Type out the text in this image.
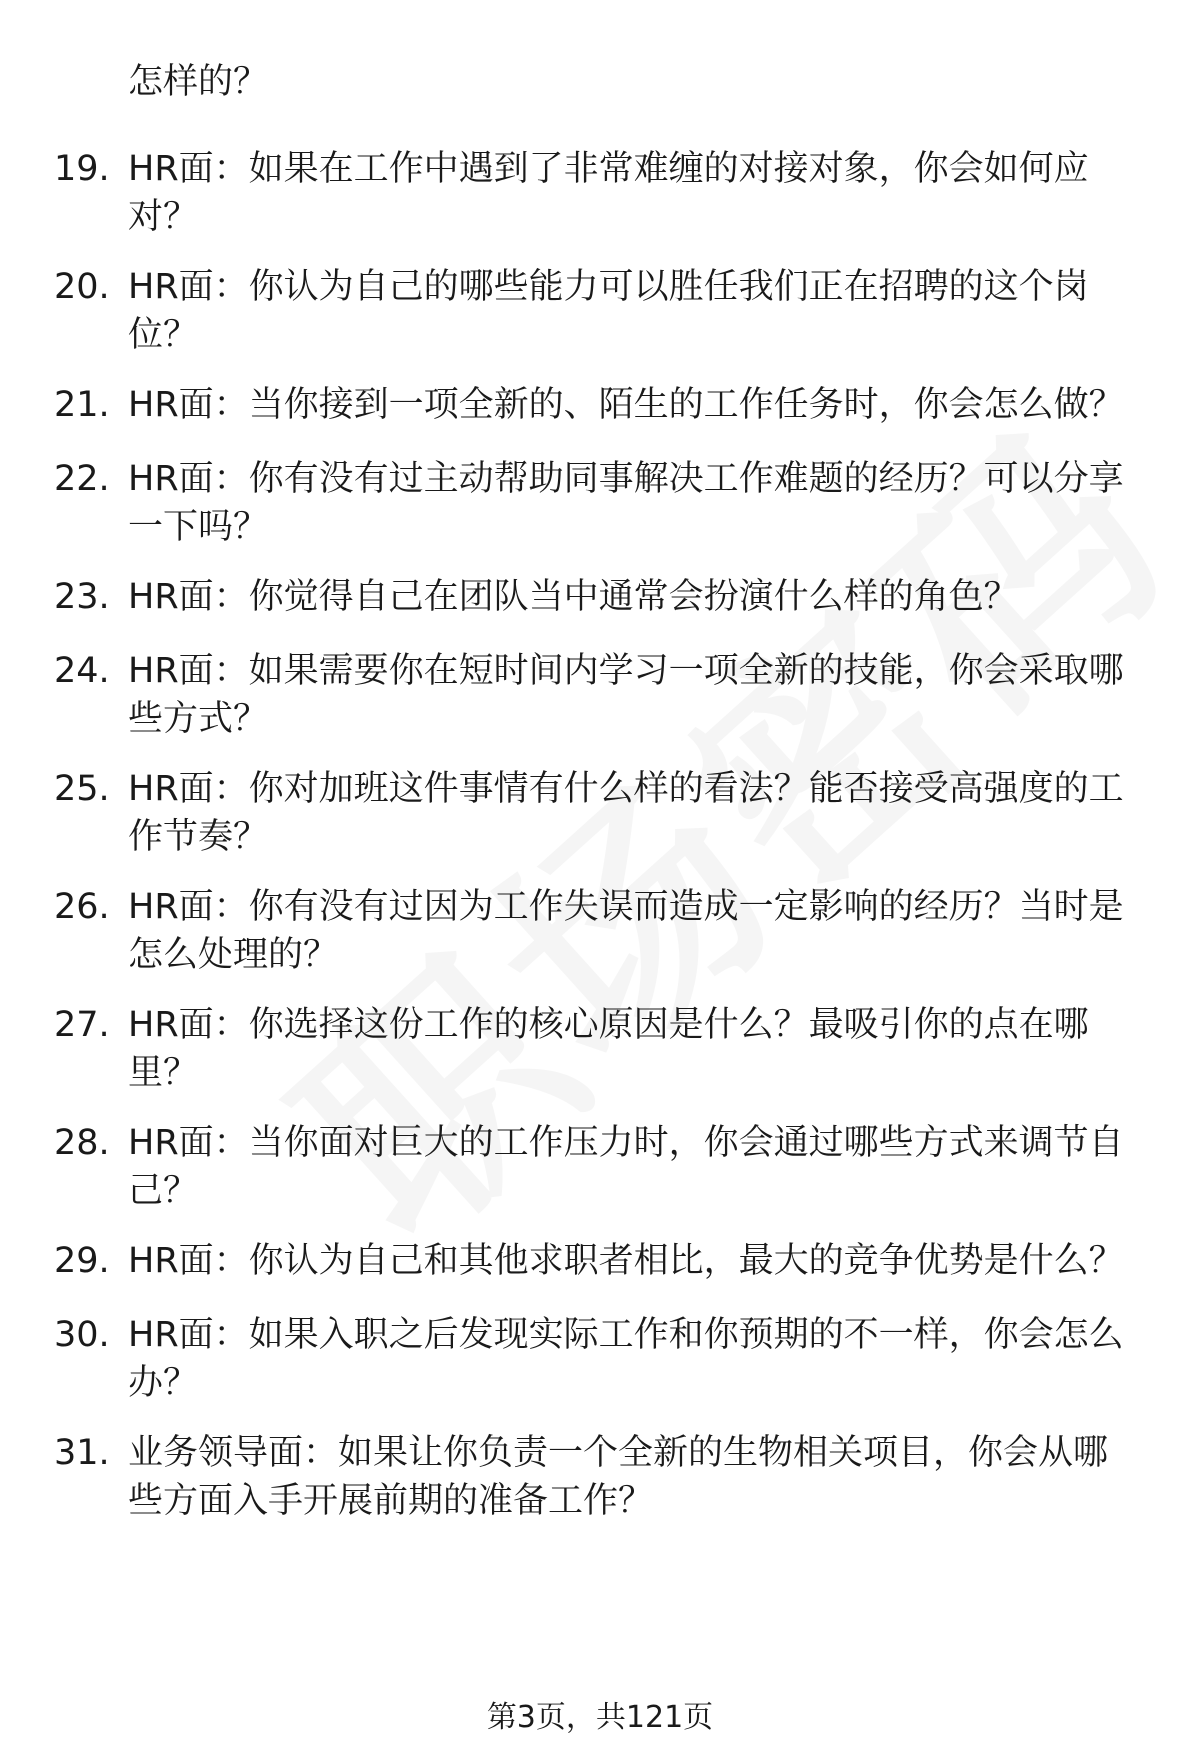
怎样的？
19. HR面：如果在工作中遇到了非常难缠的对接对象，你会如何应
对？
20. HR面：你认为自己的哪些能力可以胜任我们正在招聘的这个岗
位？
21. HR面：当你接到一项全新的、陌生的工作任务时，你会怎么做？
22. HR面：你有没有过主动帮助同事解决工作难题的经历？可以分享
一下吗？
23. HR面：你觉得自己在团队当中通常会扮演什么样的角色？
24. HR面：如果需要你在短时间内学习一项全新的技能，你会采取哪
些方式？
25. HR面：你对加班这件事情有什么样的看法？能否接受高强度的工
作节奏？
26. HR面：你有没有过因为工作失误而造成一定影响的经历？当时是
怎么处理的？
27. HR面：你选择这份工作的核心原因是什么？最吸引你的点在哪
里？
28. HR面：当你面对巨大的工作压力时，你会通过哪些方式来调节自
己？
29. HR面：你认为自己和其他求职者相比，最大的竞争优势是什么？
30. HR面：如果入职之后发现实际工作和你预期的不一样，你会怎么
办？
31. 业务领导面：如果让你负责一个全新的生物相关项目，你会从哪
些方面入手开展前期的准备工作？
第3页，共121页
